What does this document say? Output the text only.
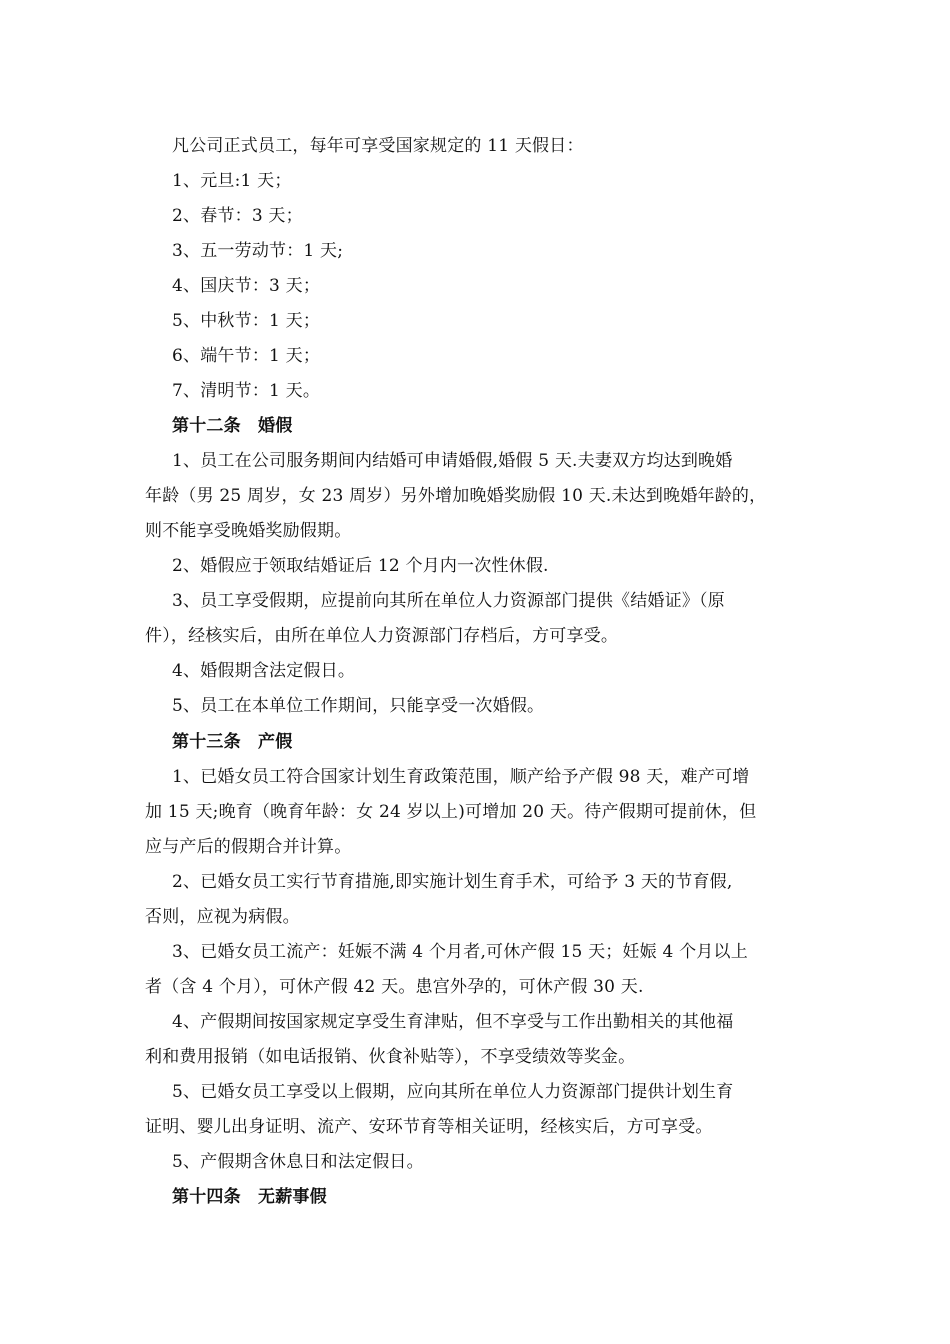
凡公司正式员工，每年可享受国家规定的 11 天假日：
1、元旦:1 天；
2、春节：3 天；
3、五一劳动节：1 天;
4、国庆节：3 天；
5、中秋节：1 天；
6、端午节：1 天；
7、清明节：1 天。
第十二条　婚假
1、员工在公司服务期间内结婚可申请婚假,婚假 5 天.夫妻双方均达到晚婚
年龄（男 25 周岁，女 23 周岁）另外增加晚婚奖励假 10 天.未达到晚婚年龄的，
则不能享受晚婚奖励假期。
2、婚假应于领取结婚证后 12 个月内一次性休假.
3、员工享受假期，应提前向其所在单位人力资源部门提供《结婚证》（原
件），经核实后，由所在单位人力资源部门存档后，方可享受。
4、婚假期含法定假日。
5、员工在本单位工作期间，只能享受一次婚假。
第十三条　产假
1、已婚女员工符合国家计划生育政策范围，顺产给予产假 98 天，难产可增
加 15 天;晚育（晚育年龄：女 24 岁以上)可增加 20 天。待产假期可提前休，但
应与产后的假期合并计算。
2、已婚女员工实行节育措施,即实施计划生育手术，可给予 3 天的节育假,
否则，应视为病假。
3、已婚女员工流产：妊娠不满 4 个月者,可休产假 15 天；妊娠 4 个月以上
者（含 4 个月），可休产假 42 天。患宫外孕的，可休产假 30 天.
4、产假期间按国家规定享受生育津贴，但不享受与工作出勤相关的其他福
利和费用报销（如电话报销、伙食补贴等），不享受绩效等奖金。
5、已婚女员工享受以上假期，应向其所在单位人力资源部门提供计划生育
证明、婴儿出身证明、流产、安环节育等相关证明，经核实后，方可享受。
5、产假期含休息日和法定假日。
第十四条　无薪事假
